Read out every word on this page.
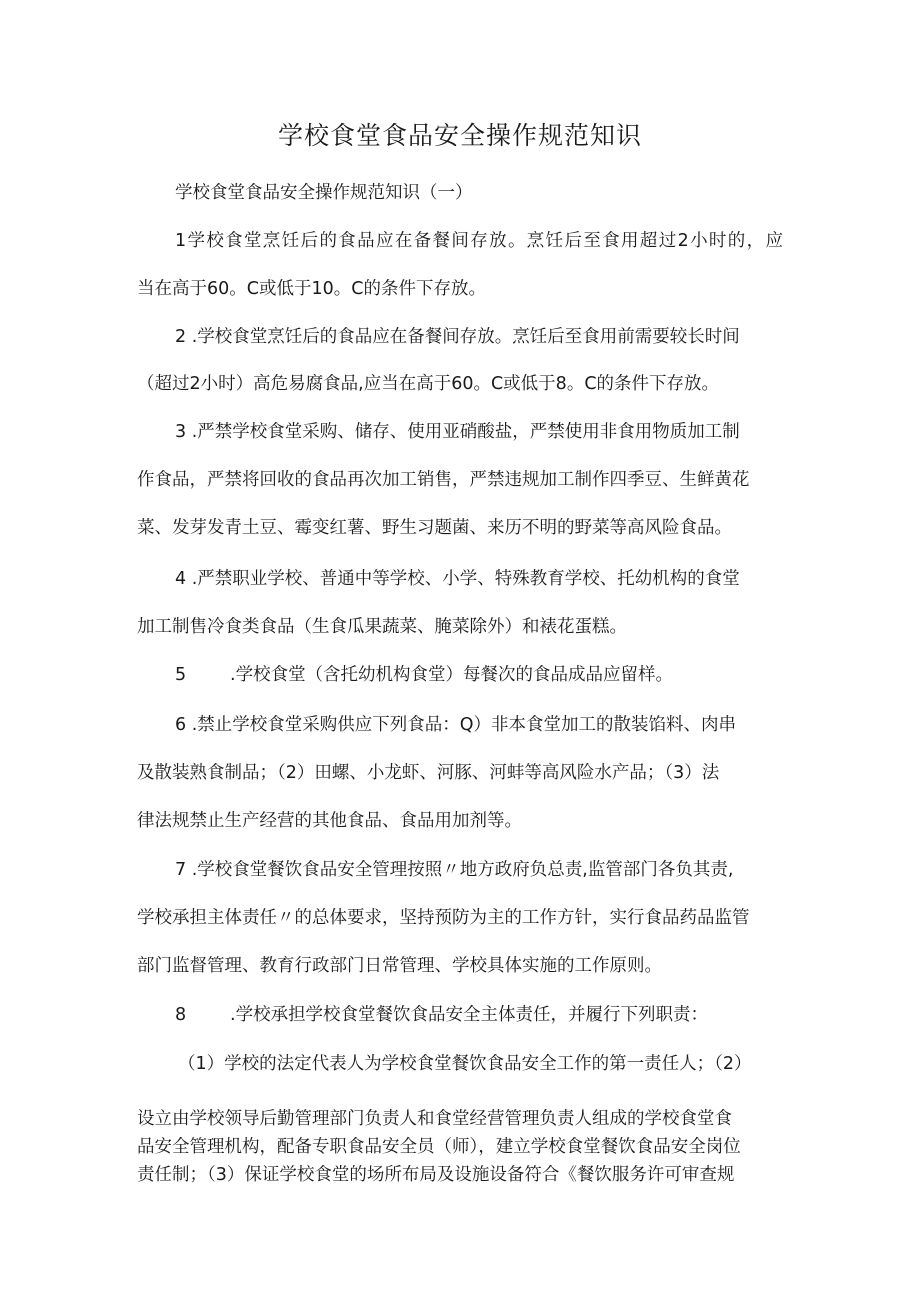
学校食堂食品安全操作规范知识
学校食堂食品安全操作规范知识（一）
1学校食堂烹饪后的食品应在备餐间存放。烹饪后至食用超过2小时的，应
当在高于60。C或低于10。C的条件下存放。
2 .学校食堂烹饪后的食品应在备餐间存放。烹饪后至食用前需要较长时间
（超过2小时）高危易腐食品,应当在高于60。C或低于8。C的条件下存放。
3 .严禁学校食堂采购、储存、使用亚硝酸盐，严禁使用非食用物质加工制
作食品，严禁将回收的食品再次加工销售，严禁违规加工制作四季豆、生鲜黄花
菜、发芽发青土豆、霉变红薯、野生习题菌、来历不明的野菜等高风险食品。
4 .严禁职业学校、普通中等学校、小学、特殊教育学校、托幼机构的食堂
加工制售冷食类食品（生食瓜果蔬菜、腌菜除外）和裱花蛋糕。
5	.学校食堂（含托幼机构食堂）每餐次的食品成品应留样。
6 .禁止学校食堂采购供应下列食品：Q）非本食堂加工的散装馅料、肉串
及散装熟食制品；（2）田螺、小龙虾、河豚、河蚌等高风险水产品；（3）法
律法规禁止生产经营的其他食品、食品用加剂等。
7 .学校食堂餐饮食品安全管理按照〃地方政府负总责,监管部门各负其责,
学校承担主体责任〃的总体要求，坚持预防为主的工作方针，实行食品药品监管
部门监督管理、教育行政部门日常管理、学校具体实施的工作原则。
8	.学校承担学校食堂餐饮食品安全主体责任，并履行下列职责：
（1）学校的法定代表人为学校食堂餐饮食品安全工作的第一责任人；（2）
设立由学校领导后勤管理部门负责人和食堂经营管理负责人组成的学校食堂食
品安全管理机构，配备专职食品安全员（师），建立学校食堂餐饮食品安全岗位
责任制；（3）保证学校食堂的场所布局及设施设备符合《餐饮服务许可审查规
